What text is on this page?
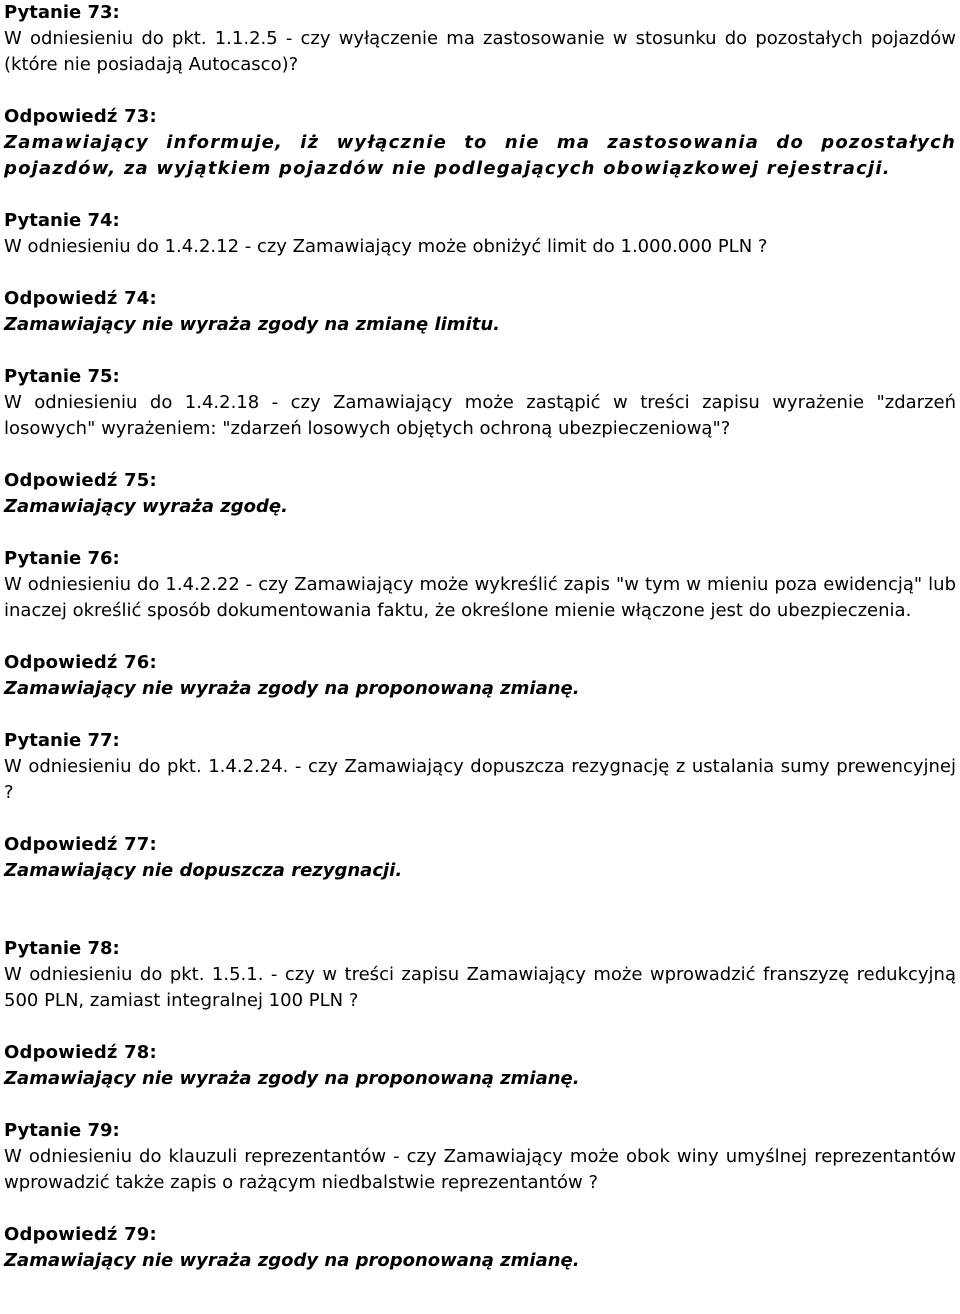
Pytanie 73:

W odniesieniu do pkt. 1.1.2.5 - czy wyłączenie ma zastosowanie w stosunku do pozostałych pojazdów (które nie posiadają Autocasco)?

Odpowiedź 73:

Zamawiający informuje, iż wyłącznie to nie ma zastosowania do pozostałych pojazdów, za wyjątkiem pojazdów nie podlegających obowiązkowej rejestracji.

Pytanie 74:

W odniesieniu do 1.4.2.12 - czy Zamawiający może obniżyć limit do 1.000.000 PLN ?

Odpowiedź 74:

Zamawiający nie wyraża zgody na zmianę limitu.

Pytanie 75:

W odniesieniu do 1.4.2.18 - czy Zamawiający może zastąpić w treści zapisu wyrażenie "zdarzeń losowych" wyrażeniem: "zdarzeń losowych objętych ochroną ubezpieczeniową"?

Odpowiedź 75:

Zamawiający wyraża zgodę.

Pytanie 76:

W odniesieniu do 1.4.2.22 - czy Zamawiający może wykreślić zapis "w tym w mieniu poza ewidencją" lub inaczej określić sposób dokumentowania faktu, że określone mienie włączone jest do ubezpieczenia.

Odpowiedź 76:

Zamawiający nie wyraża zgody na proponowaną zmianę.

Pytanie 77:

W odniesieniu do pkt. 1.4.2.24. - czy Zamawiający dopuszcza rezygnację z ustalania sumy prewencyjnej ?

Odpowiedź 77:

Zamawiający nie dopuszcza rezygnacji.

Pytanie 78:

W odniesieniu do pkt. 1.5.1. - czy w treści zapisu Zamawiający może wprowadzić franszyzę redukcyjną 500 PLN, zamiast integralnej 100 PLN ?

Odpowiedź 78:

Zamawiający nie wyraża zgody na proponowaną zmianę.

Pytanie 79:

W odniesieniu do klauzuli reprezentantów - czy Zamawiający może obok winy umyślnej reprezentantów wprowadzić także zapis o rażącym niedbalstwie reprezentantów ?

Odpowiedź 79:

Zamawiający nie wyraża zgody na proponowaną zmianę.
